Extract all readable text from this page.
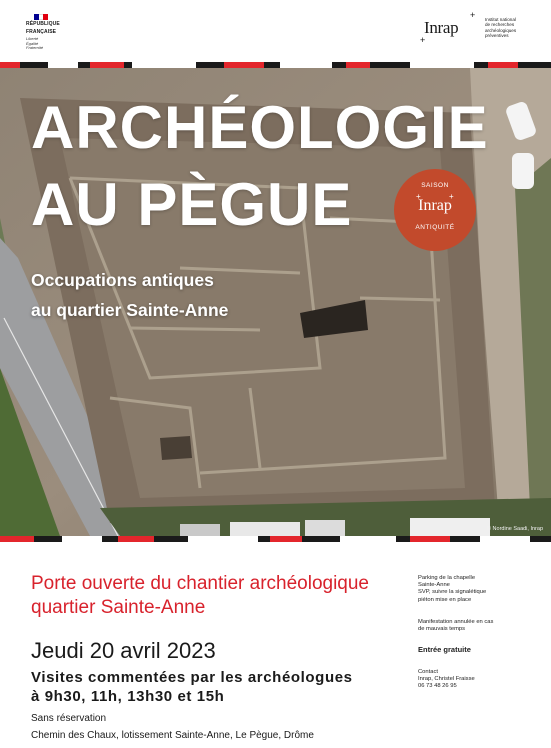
RÉPUBLIQUE
FRANÇAISE
Liberté Égalité Fraternité
+
+
Inrap	Institut national
de recherches
archéologiques
préventives
ARCHÉOLOGIE
AU PÈGUE
Occupations antiques
au quartier Sainte-Anne
+	+
SAISON
Inrap
ANTIQUITÉ
© Nordine Saadi, Inrap
Porte ouverte du chantier archéologique quartier Sainte-Anne
Jeudi 20 avril 2023
Visites commentées par les archéologues
à 9h30, 11h, 13h30 et 15h
Sans réservation
Chemin des Chaux, lotissement Sainte-Anne, Le Pègue, Drôme
Parking de la chapelle
Sainte-Anne
SVP, suivre la signalétique
piéton mise en place
Manifestation annulée en cas
de mauvais temps
Entrée gratuite
Contact
Inrap, Christel Fraisse
06 73 48 26 95
